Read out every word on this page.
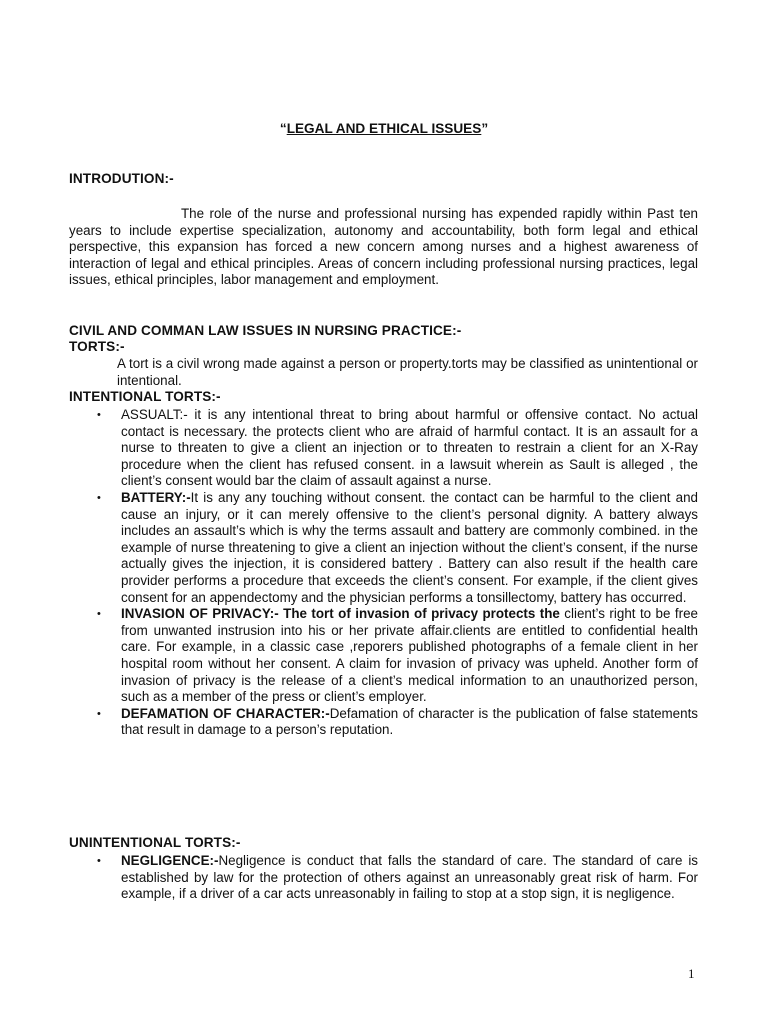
“LEGAL AND ETHICAL ISSUES”
INTRODUTION:-

The role of the nurse and professional nursing has expended rapidly within Past ten years to include expertise specialization, autonomy and accountability, both form legal and ethical perspective, this expansion has forced a new concern among nurses and a highest awareness of interaction of legal and ethical principles. Areas of concern including professional nursing practices, legal issues, ethical principles, labor management and employment.

CIVIL AND COMMAN LAW ISSUES IN NURSING PRACTICE:-
TORTS:-

A tort is a civil wrong made against a person or property.torts may be classified as unintentional or intentional.

INTENTIONAL TORTS:-
• ASSUALT:- it is any intentional threat to bring about harmful or offensive contact. No actual contact is necessary. the protects client who are afraid of harmful contact. It is an assault for a nurse to threaten to give a client an injection or to threaten to restrain a client for an X-Ray procedure when the client has refused consent. in a lawsuit wherein as Sault is alleged , the client’s consent would bar the claim of assault against a nurse.
• BATTERY:-It is any any touching without consent. the contact can be harmful to the client and cause an injury, or it can merely offensive to the client’s personal dignity. A battery always includes an assault’s which is why the terms assault and battery are commonly combined. in the example of nurse threatening to give a client an injection without the client’s consent, if the nurse actually gives the injection, it is considered battery . Battery can also result if the health care provider performs a procedure that exceeds the client’s consent. For example, if the client gives consent for an appendectomy and the physician performs a tonsillectomy, battery has occurred.
• INVASION OF PRIVACY:- The tort of invasion of privacy protects the client’s right to be free from unwanted instrusion into his or her private affair.clients are entitled to confidential health care. For example, in a classic case ,reporers published photographs of a female client in her hospital room without her consent. A claim for invasion of privacy was upheld. Another form of invasion of privacy is the release of a client’s medical information to an unauthorized person, such as a member of the press or client’s employer.
• DEFAMATION OF CHARACTER:-Defamation of character is the publication of false statements that result in damage to a person’s reputation.
UNINTENTIONAL TORTS:-
• NEGLIGENCE:-Negligence is conduct that falls the standard of care. The standard of care is established by law for the protection of others against an unreasonably great risk of harm. For example, if a driver of a car acts unreasonably in failing to stop at a stop sign, it is negligence.
1
